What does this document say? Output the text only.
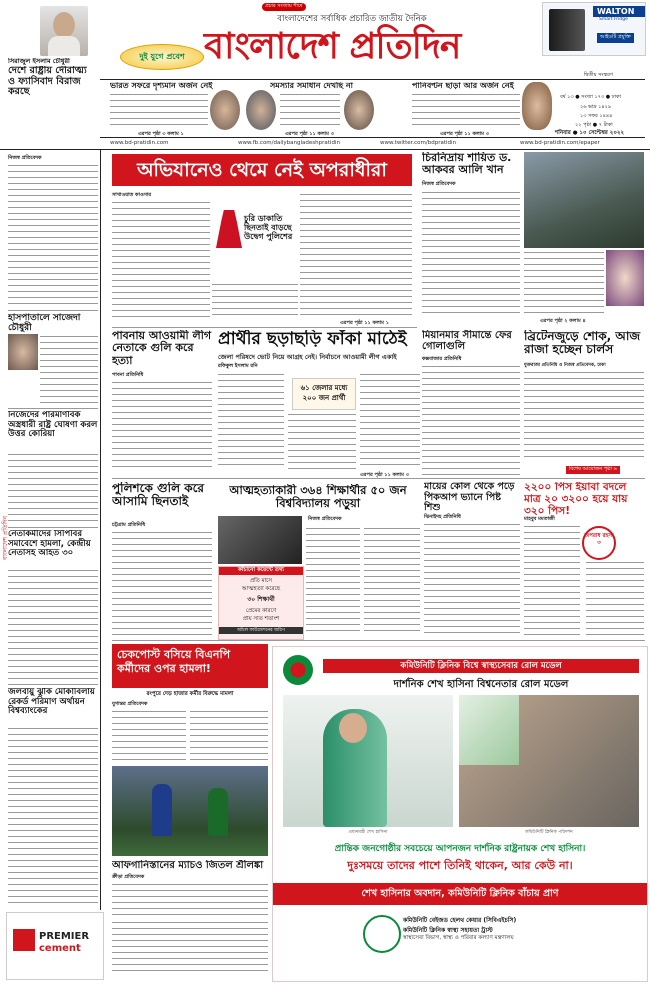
সিরাজুল ইসলাম চৌধুরী
দেশে রাষ্ট্রীয় দৌরাত্ম্য ও ফ্যাসিবাদ বিরাজ করছে
প্রচার সংখ্যায় শীর্ষে
বাংলাদেশের সর্বাধিক প্রচারিত জাতীয় দৈনিক
দুই যুগে প্রবেশ বাংলাদেশ প্রতিদিন
WALTON
Smart Fridge
আইওটি প্রযুক্তি
দ্বিতীয় সংস্করণ
ভারত সফরে দৃশ্যমান অর্জন নেই	সমস্যার সমাধান দেখছি না	পানিবণ্টন ছাড়া আর অর্জন নেই
বর্ষ ১৩ ● সংখ্যা ১৭৩ ● ঢাকা
২৬ ভাদ্র ১৪২৯
১৩ সফর ১৪৪৪
২২ পৃষ্ঠা ● ৭ টাকা
এরপর পৃষ্ঠা ৩ কলাম ১	এরপর পৃষ্ঠা ১১ কলাম ৩	এরপর পৃষ্ঠা ১১ কলাম ৩	শনিবার ● ১০ সেপ্টেম্বর ২০২২
www.bd-pratidin.com	www.fb.com/dailybangladeshpratidin	www.twitter.com/bdpratidin	www.bd-pratidin.com/epaper
নিজস্ব প্রতিবেদক
হাসপাতালে সাজেদা চৌধুরী
নিজেদের পারমাণবিক অস্ত্রধারী রাষ্ট্র ঘোষণা করল উত্তর কোরিয়া
নেতাকর্মীদের সিপিবির সমাবেশে হামলা, কেন্দ্রীয় নেতাসহ আহত ৩০
জলবায়ু ঝুঁকি মোকাবিলায় রেকর্ড পরিমাণ অর্থায়ন বিশ্বব্যাংকের
বাংলাদেশ প্রতিদিন
PREMIER
cement
অভিযানেও থেমে নেই অপরাধীরা
সাখাওয়াত কাওসার
চুরি ডাকাতি ছিনতাই বাড়ছে উদ্বেগ পুলিশের
এরপর পৃষ্ঠা ১১ কলাম ১
চিরনিদ্রায় শায়িত ড. আকবর আলি খান
নিজস্ব প্রতিবেদক
এরপর পৃষ্ঠা ২ কলাম ৪
পাবনায় আওয়ামী লীগ নেতাকে গুলি করে হত্যা
পাবনা প্রতিনিধি
প্রার্থীর ছড়াছড়ি ফাঁকা মাঠেই
জেলা পরিষদে ভোট নিয়ে আগ্রহ নেই। নির্বাচনে আওয়ামী লীগ একাই
রফিকুল ইসলাম রনি
৬১ জেলার মধ্যে ২০০ জন প্রার্থী
এরপর পৃষ্ঠা ১১ কলাম ৩
মিয়ানমার সীমান্তে ফের গোলাগুলি
কক্সবাজার প্রতিনিধি
ব্রিটেনজুড়ে শোক, আজ রাজা হচ্ছেন চার্লস
যুক্তরাজ্য প্রতিনিধি ও নিজস্ব প্রতিবেদক, ঢাকা
বিশেষ আয়োজন পৃষ্ঠা ৬
পুলিশকে গুলি করে আসামি ছিনতাই
চট্টগ্রাম প্রতিনিধি
আত্মহত্যাকারী ৩৬৪ শিক্ষার্থীর ৫০ জন বিশ্ববিদ্যালয় পড়ুয়া
নিজস্ব প্রতিবেদক
কাঁচানো কয়েন্টে তথ্য
প্রতি মাসে
আত্মহত্যা করেছে
৩০ শিক্ষার্থী
প্রেমের কারণে
প্রায় সাত শতাংশ
আঁচল ফাউন্ডেশনের জরিপ
মায়ের কোল থেকে পড়ে পিকআপ ভ্যানে পিষ্ট শিশু
ঝিনাইদহ প্রতিনিধি
২২০০ পিস ইয়াবা বদলে মাত্র ২০ ৩২০০ হয়ে যায় ৩২০ পিস!
মাহবুব মমতাজী
অপরাধ রহস্য ৩
চেকপোস্ট বসিয়ে বিএনপি কর্মীদের ওপর হামলা!
রংপুরে দেড় হাজার কর্মীর বিরুদ্ধে মামলা
যুগান্তর প্রতিবেদক
আফগানিস্তানের ম্যাচও জিতল শ্রীলঙ্কা
ক্রীড়া প্রতিবেদক
কমিউনিটি ক্লিনিক বিশ্বে স্বাস্থ্যসেবার রোল মডেল
দার্শনিক শেখ হাসিনা বিশ্বনেতার রোল মডেল
প্রধানমন্ত্রী শেখ হাসিনা	কমিউনিটি ক্লিনিক পরিদর্শন
প্রান্তিক জনগোষ্ঠীর সবচেয়ে আপনজন দার্শনিক রাষ্ট্রনায়ক শেখ হাসিনা।
দুঃসময়ে তাদের পাশে তিনিই থাকেন, আর কেউ না।
শেখ হাসিনার অবদান, কমিউনিটি ক্লিনিক বাঁচায় প্রাণ
কমিউনিটি বেইজড হেলথ কেয়ার (সিবিএইচসি)
কমিউনিটি ক্লিনিক স্বাস্থ্য সহায়তা ট্রাস্ট
স্বাস্থ্যসেবা বিভাগ, স্বাস্থ্য ও পরিবার কল্যাণ মন্ত্রণালয়
